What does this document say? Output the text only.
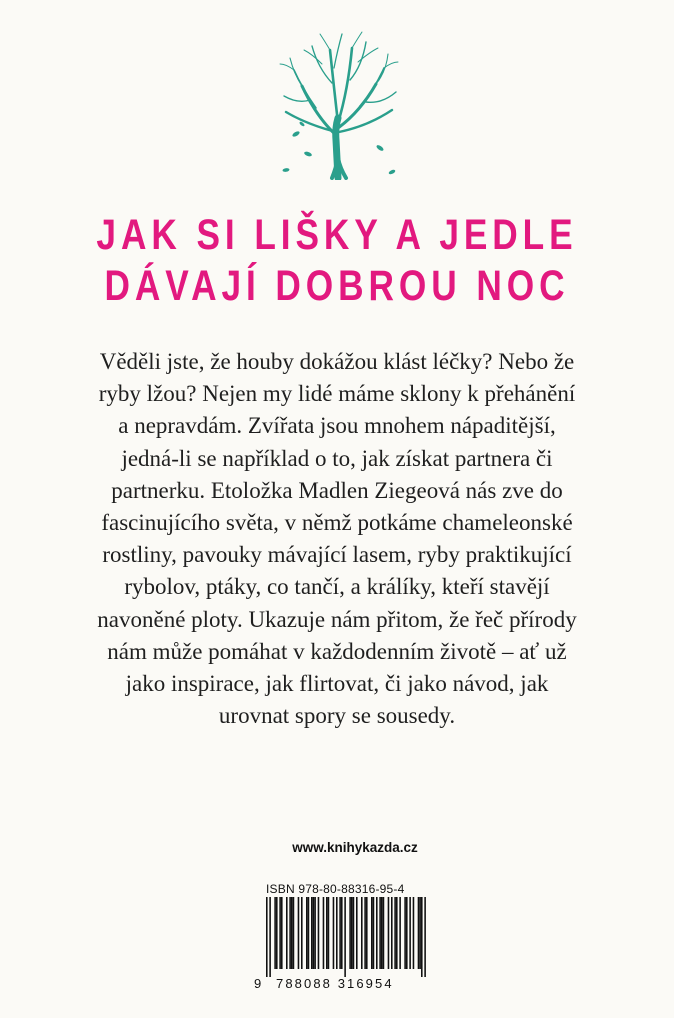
JAK SI LIŠKY A JEDLE
DÁVAJÍ DOBROU NOC
Věděli jste, že houby dokážou klást léčky? Nebo že
ryby lžou? Nejen my lidé máme sklony k přehánění
a nepravdám. Zvířata jsou mnohem nápaditější,
jedná-li se například o to, jak získat partnera či
partnerku. Etoložka Madlen Ziegeová nás zve do
fascinujícího světa, v němž potkáme chameleonské
rostliny, pavouky mávající lasem, ryby praktikující
rybolov, ptáky, co tančí, a králíky, kteří stavějí
navoněné ploty. Ukazuje nám přitom, že řeč přírody
nám může pomáhat v každodenním životě – ať už
jako inspirace, jak flirtovat, či jako návod, jak
urovnat spory se sousedy.
www.knihykazda.cz
ISBN 978-80-88316-95-4
9 788088 316954
